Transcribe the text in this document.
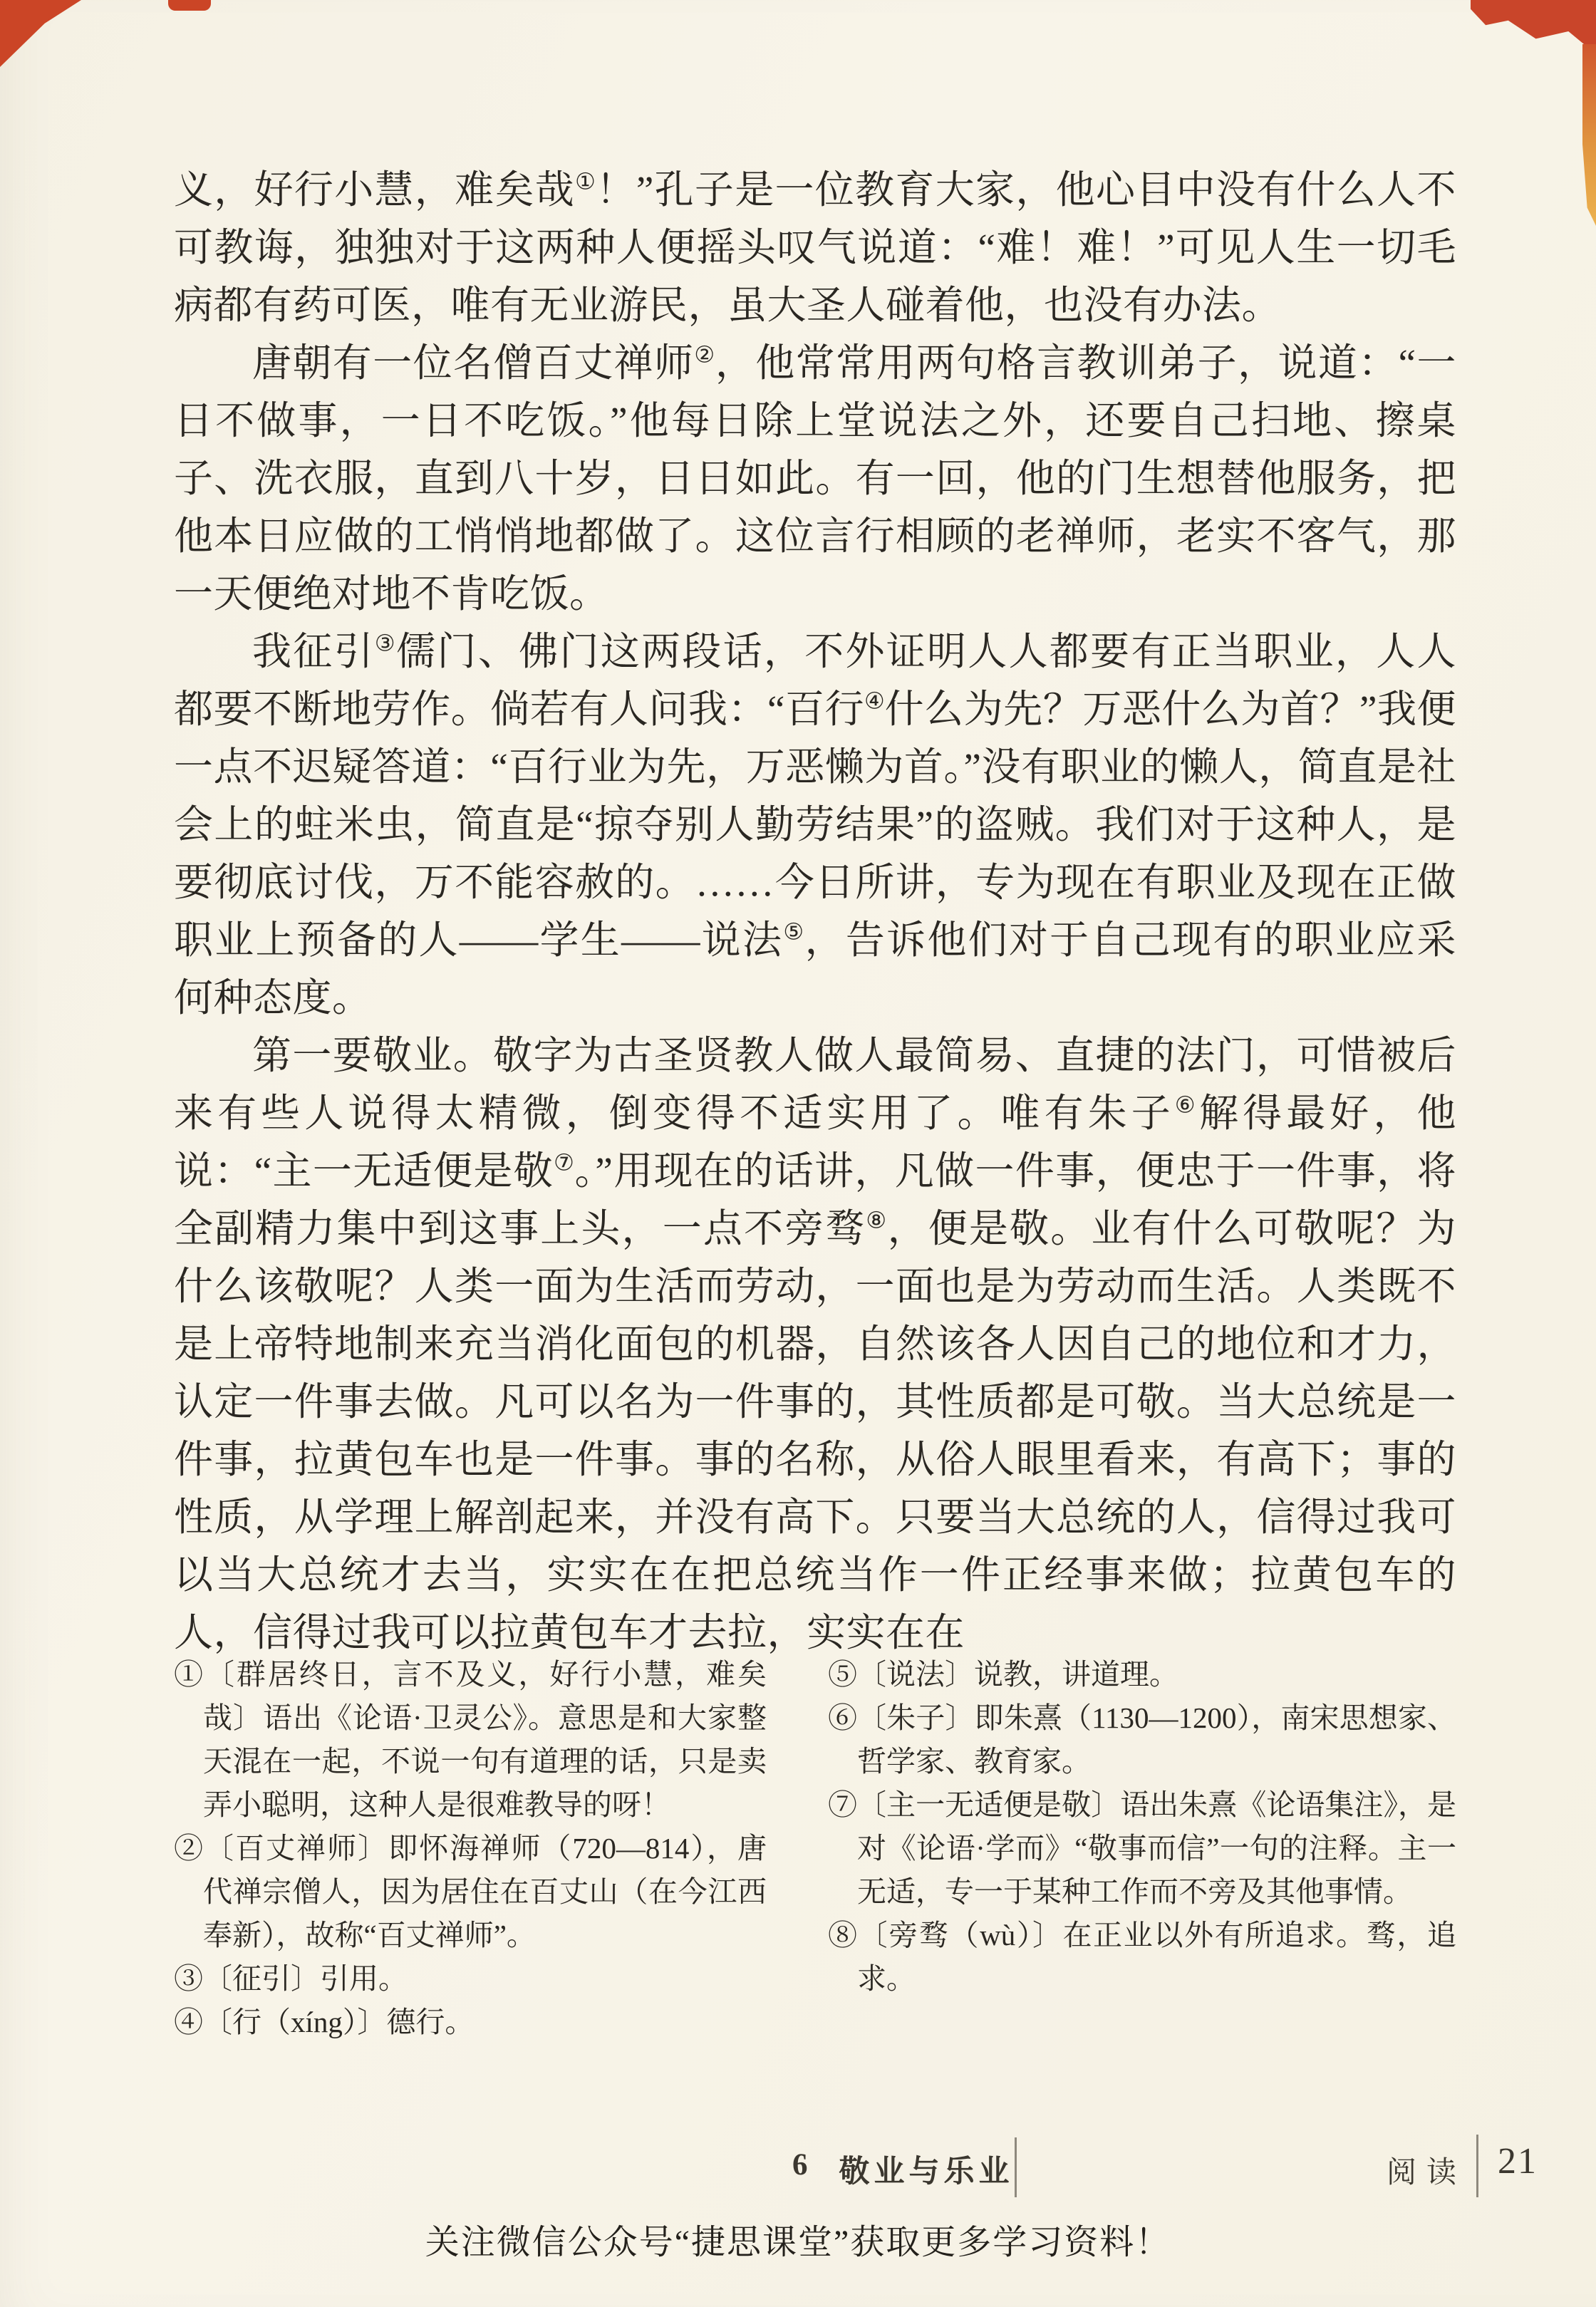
义，好行小慧，难矣哉①！”孔子是一位教育大家，他心目中没有什么人不可教诲，独独对于这两种人便摇头叹气说道：“难！难！”可见人生一切毛病都有药可医，唯有无业游民，虽大圣人碰着他，也没有办法。

唐朝有一位名僧百丈禅师②，他常常用两句格言教训弟子，说道：“一日不做事，一日不吃饭。”他每日除上堂说法之外，还要自己扫地、擦桌子、洗衣服，直到八十岁，日日如此。有一回，他的门生想替他服务，把他本日应做的工悄悄地都做了。这位言行相顾的老禅师，老实不客气，那一天便绝对地不肯吃饭。

我征引③儒门、佛门这两段话，不外证明人人都要有正当职业，人人都要不断地劳作。倘若有人问我：“百行④什么为先？万恶什么为首？”我便一点不迟疑答道：“百行业为先，万恶懒为首。”没有职业的懒人，简直是社会上的蛀米虫，简直是“掠夺别人勤劳结果”的盗贼。我们对于这种人，是要彻底讨伐，万不能容赦的。……今日所讲，专为现在有职业及现在正做职业上预备的人——学生——说法⑤，告诉他们对于自己现有的职业应采何种态度。

第一要敬业。敬字为古圣贤教人做人最简易、直捷的法门，可惜被后来有些人说得太精微，倒变得不适实用了。唯有朱子⑥解得最好，他说：“主一无适便是敬⑦。”用现在的话讲，凡做一件事，便忠于一件事，将全副精力集中到这事上头，一点不旁骛⑧，便是敬。业有什么可敬呢？为什么该敬呢？人类一面为生活而劳动，一面也是为劳动而生活。人类既不是上帝特地制来充当消化面包的机器，自然该各人因自己的地位和才力，认定一件事去做。凡可以名为一件事的，其性质都是可敬。当大总统是一件事，拉黄包车也是一件事。事的名称，从俗人眼里看来，有高下；事的性质，从学理上解剖起来，并没有高下。只要当大总统的人，信得过我可以当大总统才去当，实实在在把总统当作一件正经事来做；拉黄包车的人，信得过我可以拉黄包车才去拉，实实在在

①〔群居终日，言不及义，好行小慧，难矣哉〕语出《论语·卫灵公》。意思是和大家整天混在一起，不说一句有道理的话，只是卖弄小聪明，这种人是很难教导的呀！

②〔百丈禅师〕即怀海禅师（720—814），唐代禅宗僧人，因为居住在百丈山（在今江西奉新），故称“百丈禅师”。

③〔征引〕引用。

④〔行（xíng）〕德行。

⑤〔说法〕说教，讲道理。

⑥〔朱子〕即朱熹（1130—1200），南宋思想家、哲学家、教育家。

⑦〔主一无适便是敬〕语出朱熹《论语集注》，是对《论语·学而》“敬事而信”一句的注释。主一无适，专一于某种工作而不旁及其他事情。

⑧〔旁骛（wù）〕在正业以外有所追求。骛，追求。

6 敬业与乐业	阅读 21
关注微信公众号“捷思课堂”获取更多学习资料！
